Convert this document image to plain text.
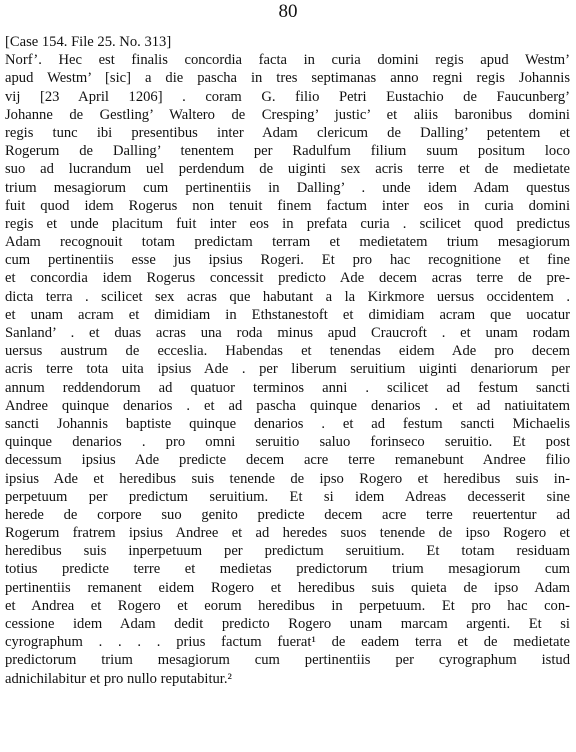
80
[Case 154. File 25. No. 313]
Norf’. Hec est finalis concordia facta in curia domini regis apud Westm’
apud Westm’ [sic] a die pascha in tres septimanas anno regni regis Johannis
vij [23 April 1206] . coram G. filio Petri Eustachio de Faucunberg’
Johanne de Gestling’ Waltero de Cresping’ justic’ et aliis baronibus domini
regis tunc ibi presentibus inter Adam clericum de Dalling’ petentem et
Rogerum de Dalling’ tenentem per Radulfum filium suum positum loco
suo ad lucrandum uel perdendum de uiginti sex acris terre et de medietate
trium mesagiorum cum pertinentiis in Dalling’ . unde idem Adam questus
fuit quod idem Rogerus non tenuit finem factum inter eos in curia domini
regis et unde placitum fuit inter eos in prefata curia . scilicet quod predictus
Adam recognouit totam predictam terram et medietatem trium mesagiorum
cum pertinentiis esse jus ipsius Rogeri. Et pro hac recognitione et fine
et concordia idem Rogerus concessit predicto Ade decem acras terre de pre-
dicta terra . scilicet sex acras que habutant a la Kirkmore uersus occidentem .
et unam acram et dimidiam in Ethstanestoft et dimidiam acram que uocatur
Sanland’ . et duas acras una roda minus apud Craucroft . et unam rodam
uersus austrum de ecceslia. Habendas et tenendas eidem Ade pro decem
acris terre tota uita ipsius Ade . per liberum seruitium uiginti denariorum per
annum reddendorum ad quatuor terminos anni . scilicet ad festum sancti
Andree quinque denarios . et ad pascha quinque denarios . et ad natiuitatem
sancti Johannis baptiste quinque denarios . et ad festum sancti Michaelis
quinque denarios . pro omni seruitio saluo forinseco seruitio. Et post
decessum ipsius Ade predicte decem acre terre remanebunt Andree filio
ipsius Ade et heredibus suis tenende de ipso Rogero et heredibus suis in-
perpetuum per predictum seruitium. Et si idem Adreas decesserit sine
herede de corpore suo genito predicte decem acre terre reuertentur ad
Rogerum fratrem ipsius Andree et ad heredes suos tenende de ipso Rogero et
heredibus suis inperpetuum per predictum seruitium. Et totam residuam
totius predicte terre et medietas predictorum trium mesagiorum cum
pertinentiis remanent eidem Rogero et heredibus suis quieta de ipso Adam
et Andrea et Rogero et eorum heredibus in perpetuum. Et pro hac con-
cessione idem Adam dedit predicto Rogero unam marcam argenti. Et si
cyrographum . . . . prius factum fuerat¹ de eadem terra et de medietate
predictorum trium mesagiorum cum pertinentiis per cyrographum istud
adnichilabitur et pro nullo reputabitur.²
